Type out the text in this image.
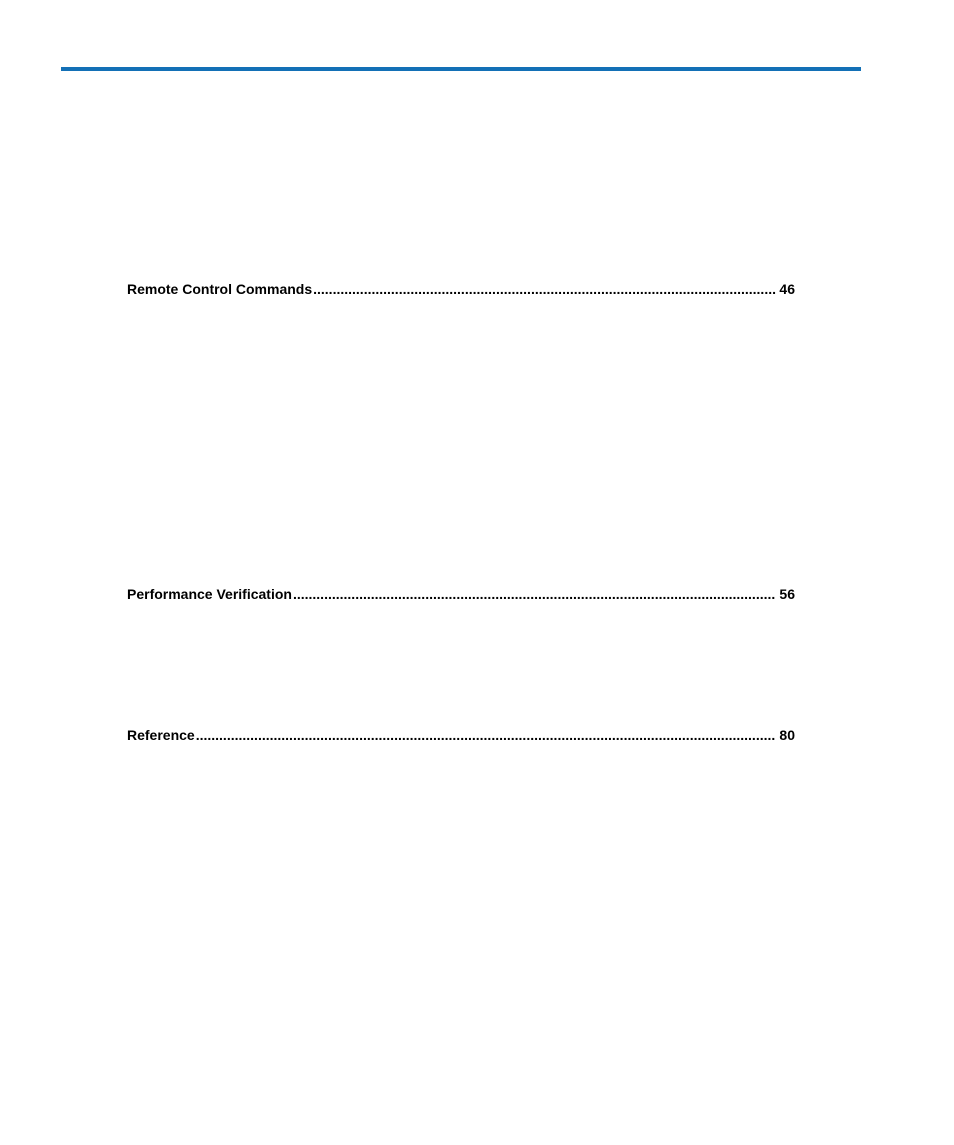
Remote Control Commands .....	46
Performance Verification .....	56
Reference .....	80
